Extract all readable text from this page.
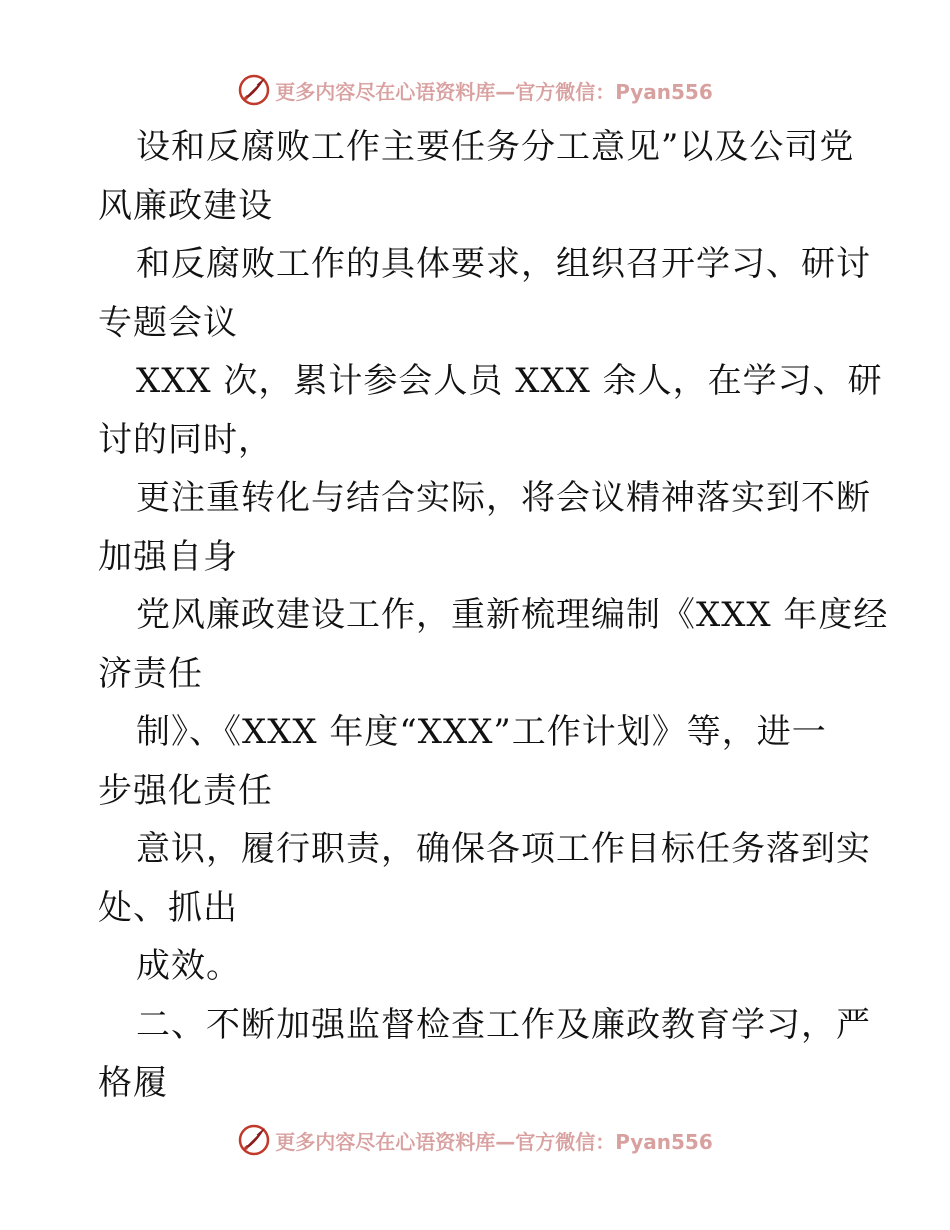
更多内容尽在心语资料库—官方微信：Pyan556
设和反腐败工作主要任务分工意见”以及公司党
风廉政建设
和反腐败工作的具体要求，组织召开学习、研讨
专题会议
XXX 次，累计参会人员 XXX 余人，在学习、研
讨的同时，
更注重转化与结合实际，将会议精神落实到不断
加强自身
党风廉政建设工作，重新梳理编制《XXX 年度经
济责任
制》、《XXX 年度“XXX”工作计划》等，进一
步强化责任
意识，履行职责，确保各项工作目标任务落到实
处、抓出
成效。
二、不断加强监督检查工作及廉政教育学习，严
格履
更多内容尽在心语资料库—官方微信：Pyan556
